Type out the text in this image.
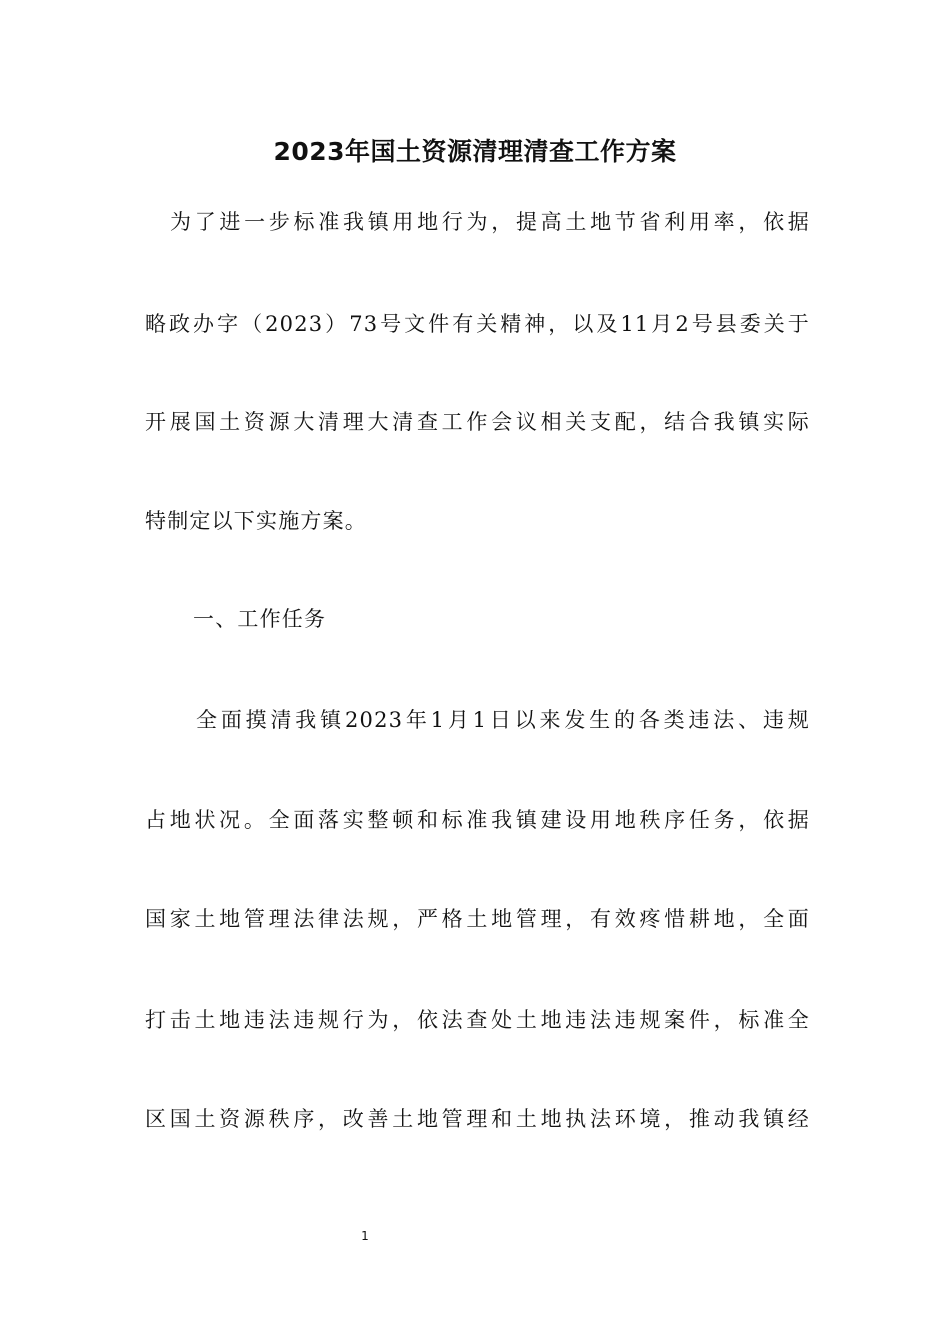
2023年国土资源清理清查工作方案
为了进一步标准我镇用地行为，提高土地节省利用率，依据
略政办字（2023）73号文件有关精神，以及11月2号县委关于
开展国土资源大清理大清查工作会议相关支配，结合我镇实际
特制定以下实施方案。
一、工作任务
全面摸清我镇2023年1月1日以来发生的各类违法、违规
占地状况。全面落实整顿和标准我镇建设用地秩序任务，依据
国家土地管理法律法规，严格土地管理，有效疼惜耕地，全面
打击土地违法违规行为，依法查处土地违法违规案件，标准全
区国土资源秩序，改善土地管理和土地执法环境，推动我镇经
1
